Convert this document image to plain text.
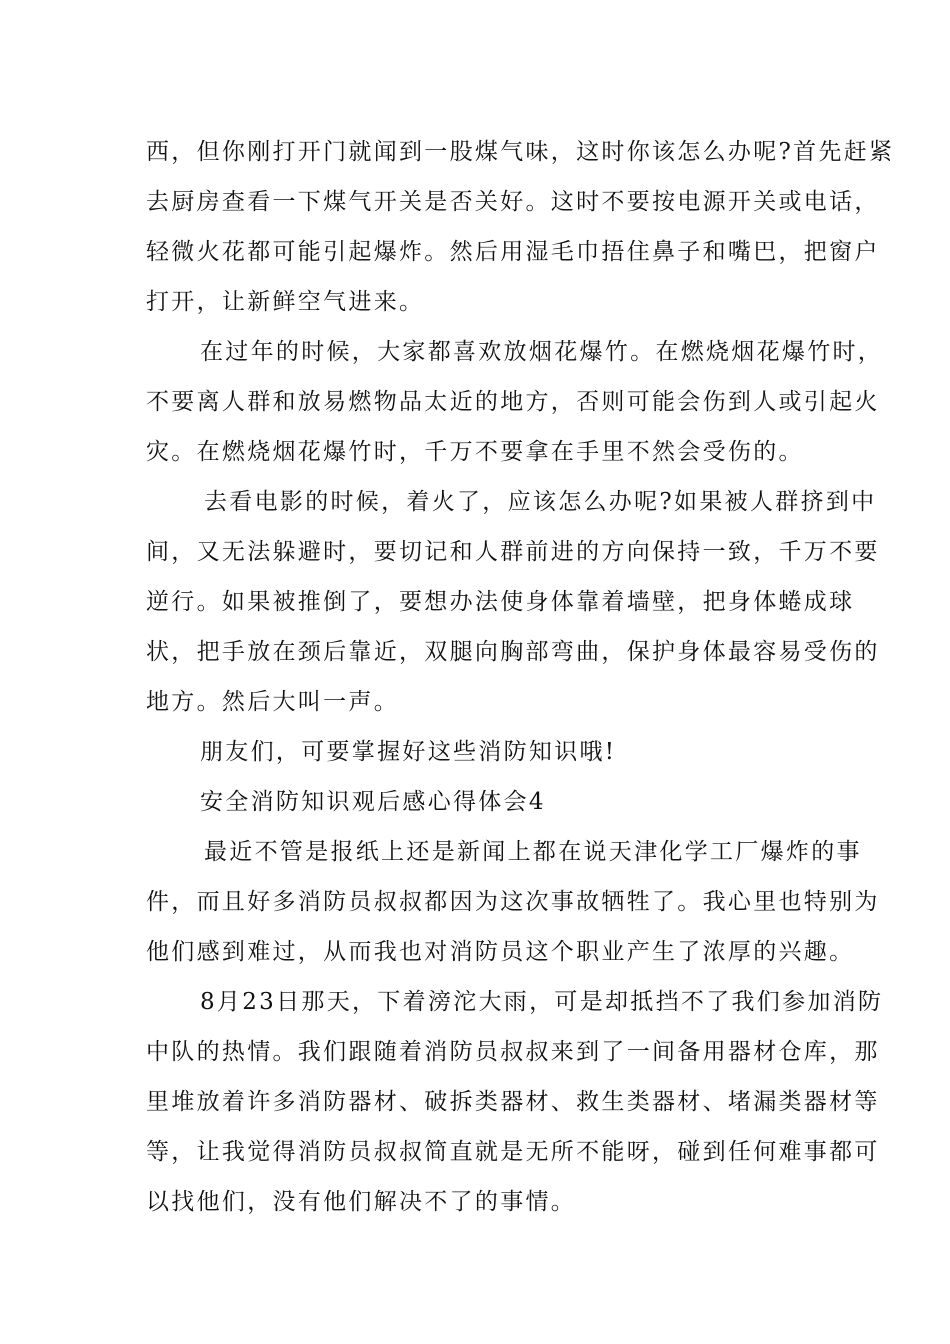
西，但你刚打开门就闻到一股煤气味，这时你该怎么办呢?首先赶紧
去厨房查看一下煤气开关是否关好。这时不要按电源开关或电话，
轻微火花都可能引起爆炸。然后用湿毛巾捂住鼻子和嘴巴，把窗户
打开，让新鲜空气进来。
在过年的时候，大家都喜欢放烟花爆竹。在燃烧烟花爆竹时，
不要离人群和放易燃物品太近的地方，否则可能会伤到人或引起火
灾。在燃烧烟花爆竹时，千万不要拿在手里不然会受伤的。
去看电影的时候，着火了，应该怎么办呢?如果被人群挤到中
间，又无法躲避时，要切记和人群前进的方向保持一致，千万不要
逆行。如果被推倒了，要想办法使身体靠着墙壁，把身体蜷成球
状，把手放在颈后靠近，双腿向胸部弯曲，保护身体最容易受伤的
地方。然后大叫一声。
朋友们，可要掌握好这些消防知识哦!
安全消防知识观后感心得体会4
最近不管是报纸上还是新闻上都在说天津化学工厂爆炸的事
件，而且好多消防员叔叔都因为这次事故牺牲了。我心里也特别为
他们感到难过，从而我也对消防员这个职业产生了浓厚的兴趣。
8月23日那天，下着滂沱大雨，可是却抵挡不了我们参加消防
中队的热情。我们跟随着消防员叔叔来到了一间备用器材仓库，那
里堆放着许多消防器材、破拆类器材、救生类器材、堵漏类器材等
等，让我觉得消防员叔叔简直就是无所不能呀，碰到任何难事都可
以找他们，没有他们解决不了的事情。
